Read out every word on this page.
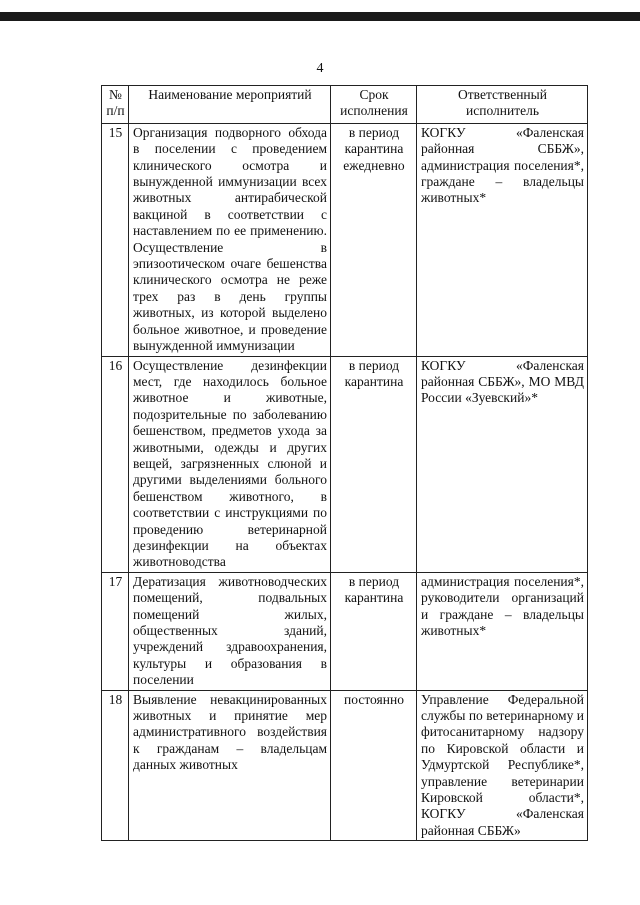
4
№ п/п	Наименование мероприятий	Срок исполнения	Ответственный исполнитель
15	Организация подворного обхода в поселении с проведением клинического осмотра и вынужденной иммунизации всех животных антирабической вакциной в соответствии с наставлением по ее применению. Осуществление в эпизоотическом очаге бешенства клинического осмотра не реже трех раз в день группы животных, из которой выделено больное животное, и проведение вынужденной иммунизации	в период карантина ежедневно	КОГКУ «Фаленская районная СББЖ», администрация поселения*, граждане – владельцы животных*
16	Осуществление дезинфекции мест, где находилось больное животное и животные, подозрительные по заболеванию бешенством, предметов ухода за животными, одежды и других вещей, загрязненных слюной и другими выделениями больного бешенством животного, в соответствии с инструкциями по проведению ветеринарной дезинфекции на объектах животноводства	в период карантина	КОГКУ «Фаленская районная СББЖ», МО МВД России «Зуевский»*
17	Дератизация животноводческих помещений, подвальных помещений жилых, общественных зданий, учреждений здравоохранения, культуры и образования в поселении	в период карантина	администрация поселения*, руководители организаций и граждане – владельцы животных*
18	Выявление невакцинированных животных и принятие мер административного воздействия к гражданам – владельцам данных животных	постоянно	Управление Федеральной службы по ветеринарному и фитосанитарному надзору по Кировской области и Удмуртской Республике*, управление ветеринарии Кировской области*, КОГКУ «Фаленская районная СББЖ»
